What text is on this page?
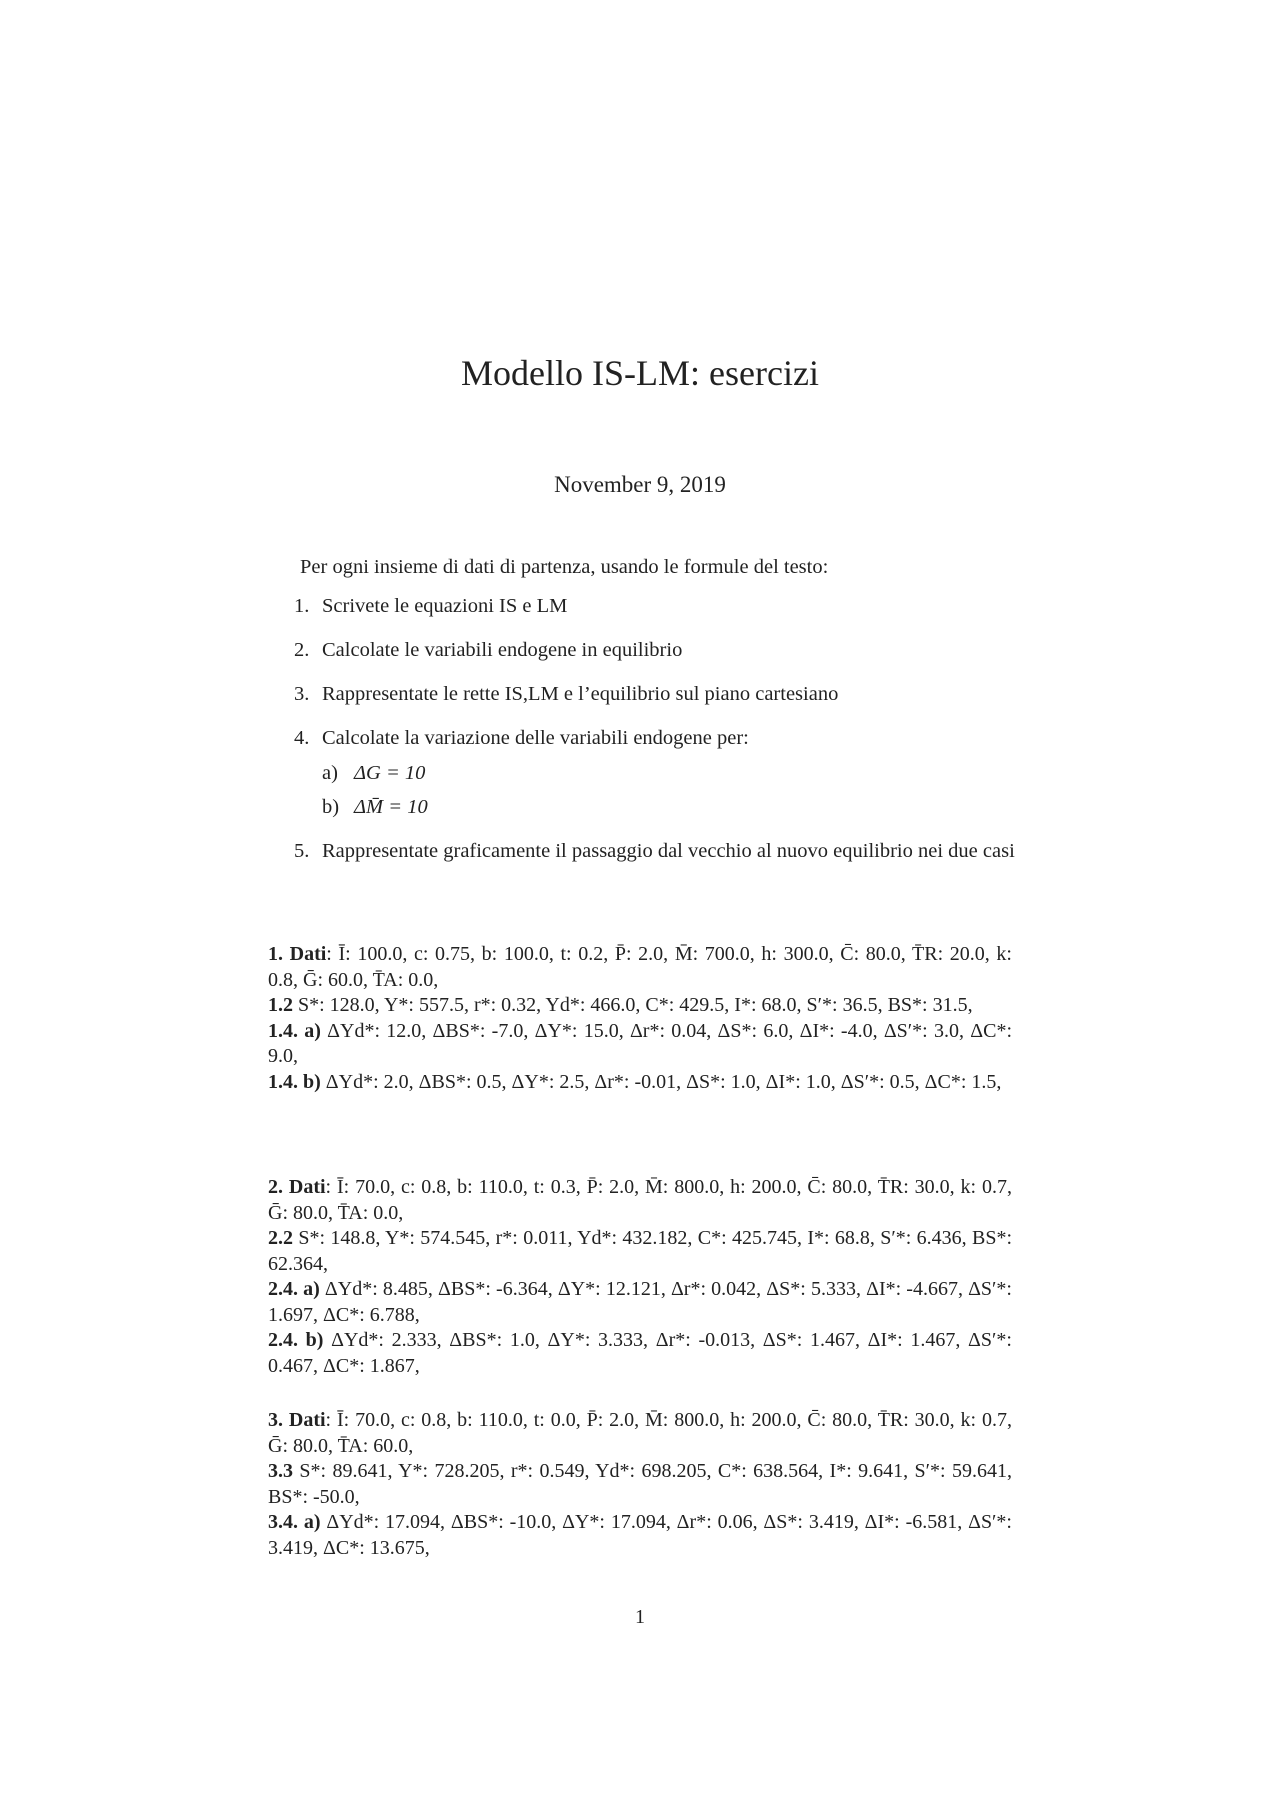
Modello IS-LM: esercizi
November 9, 2019
Per ogni insieme di dati di partenza, usando le formule del testo:
1. Scrivete le equazioni IS e LM
2. Calcolate le variabili endogene in equilibrio
3. Rappresentate le rette IS,LM e l’equilibrio sul piano cartesiano
4. Calcolate la variazione delle variabili endogene per:
a) ΔG = 10
b) ΔM̄ = 10
5. Rappresentate graficamente il passaggio dal vecchio al nuovo equilibrio nei due casi

1. Dati: Ī: 100.0, c: 0.75, b: 100.0, t: 0.2, P̄: 2.0, M̄: 700.0, h: 300.0, C̄: 80.0, T̄R: 20.0, k: 0.8, Ḡ: 60.0, T̄A: 0.0,

1.2 S*: 128.0, Y*: 557.5, r*: 0.32, Yd*: 466.0, C*: 429.5, I*: 68.0, S′*: 36.5, BS*: 31.5,

1.4. a) ΔYd*: 12.0, ΔBS*: -7.0, ΔY*: 15.0, Δr*: 0.04, ΔS*: 6.0, ΔI*: -4.0, ΔS′*: 3.0, ΔC*: 9.0,

1.4. b) ΔYd*: 2.0, ΔBS*: 0.5, ΔY*: 2.5, Δr*: -0.01, ΔS*: 1.0, ΔI*: 1.0, ΔS′*: 0.5, ΔC*: 1.5,

2. Dati: Ī: 70.0, c: 0.8, b: 110.0, t: 0.3, P̄: 2.0, M̄: 800.0, h: 200.0, C̄: 80.0, T̄R: 30.0, k: 0.7, Ḡ: 80.0, T̄A: 0.0,

2.2 S*: 148.8, Y*: 574.545, r*: 0.011, Yd*: 432.182, C*: 425.745, I*: 68.8, S′*: 6.436, BS*: 62.364,

2.4. a) ΔYd*: 8.485, ΔBS*: -6.364, ΔY*: 12.121, Δr*: 0.042, ΔS*: 5.333, ΔI*: -4.667, ΔS′*: 1.697, ΔC*: 6.788,

2.4. b) ΔYd*: 2.333, ΔBS*: 1.0, ΔY*: 3.333, Δr*: -0.013, ΔS*: 1.467, ΔI*: 1.467, ΔS′*: 0.467, ΔC*: 1.867,

3. Dati: Ī: 70.0, c: 0.8, b: 110.0, t: 0.0, P̄: 2.0, M̄: 800.0, h: 200.0, C̄: 80.0, T̄R: 30.0, k: 0.7, Ḡ: 80.0, T̄A: 60.0,

3.3 S*: 89.641, Y*: 728.205, r*: 0.549, Yd*: 698.205, C*: 638.564, I*: 9.641, S′*: 59.641, BS*: -50.0,

3.4. a) ΔYd*: 17.094, ΔBS*: -10.0, ΔY*: 17.094, Δr*: 0.06, ΔS*: 3.419, ΔI*: -6.581, ΔS′*: 3.419, ΔC*: 13.675,

1
